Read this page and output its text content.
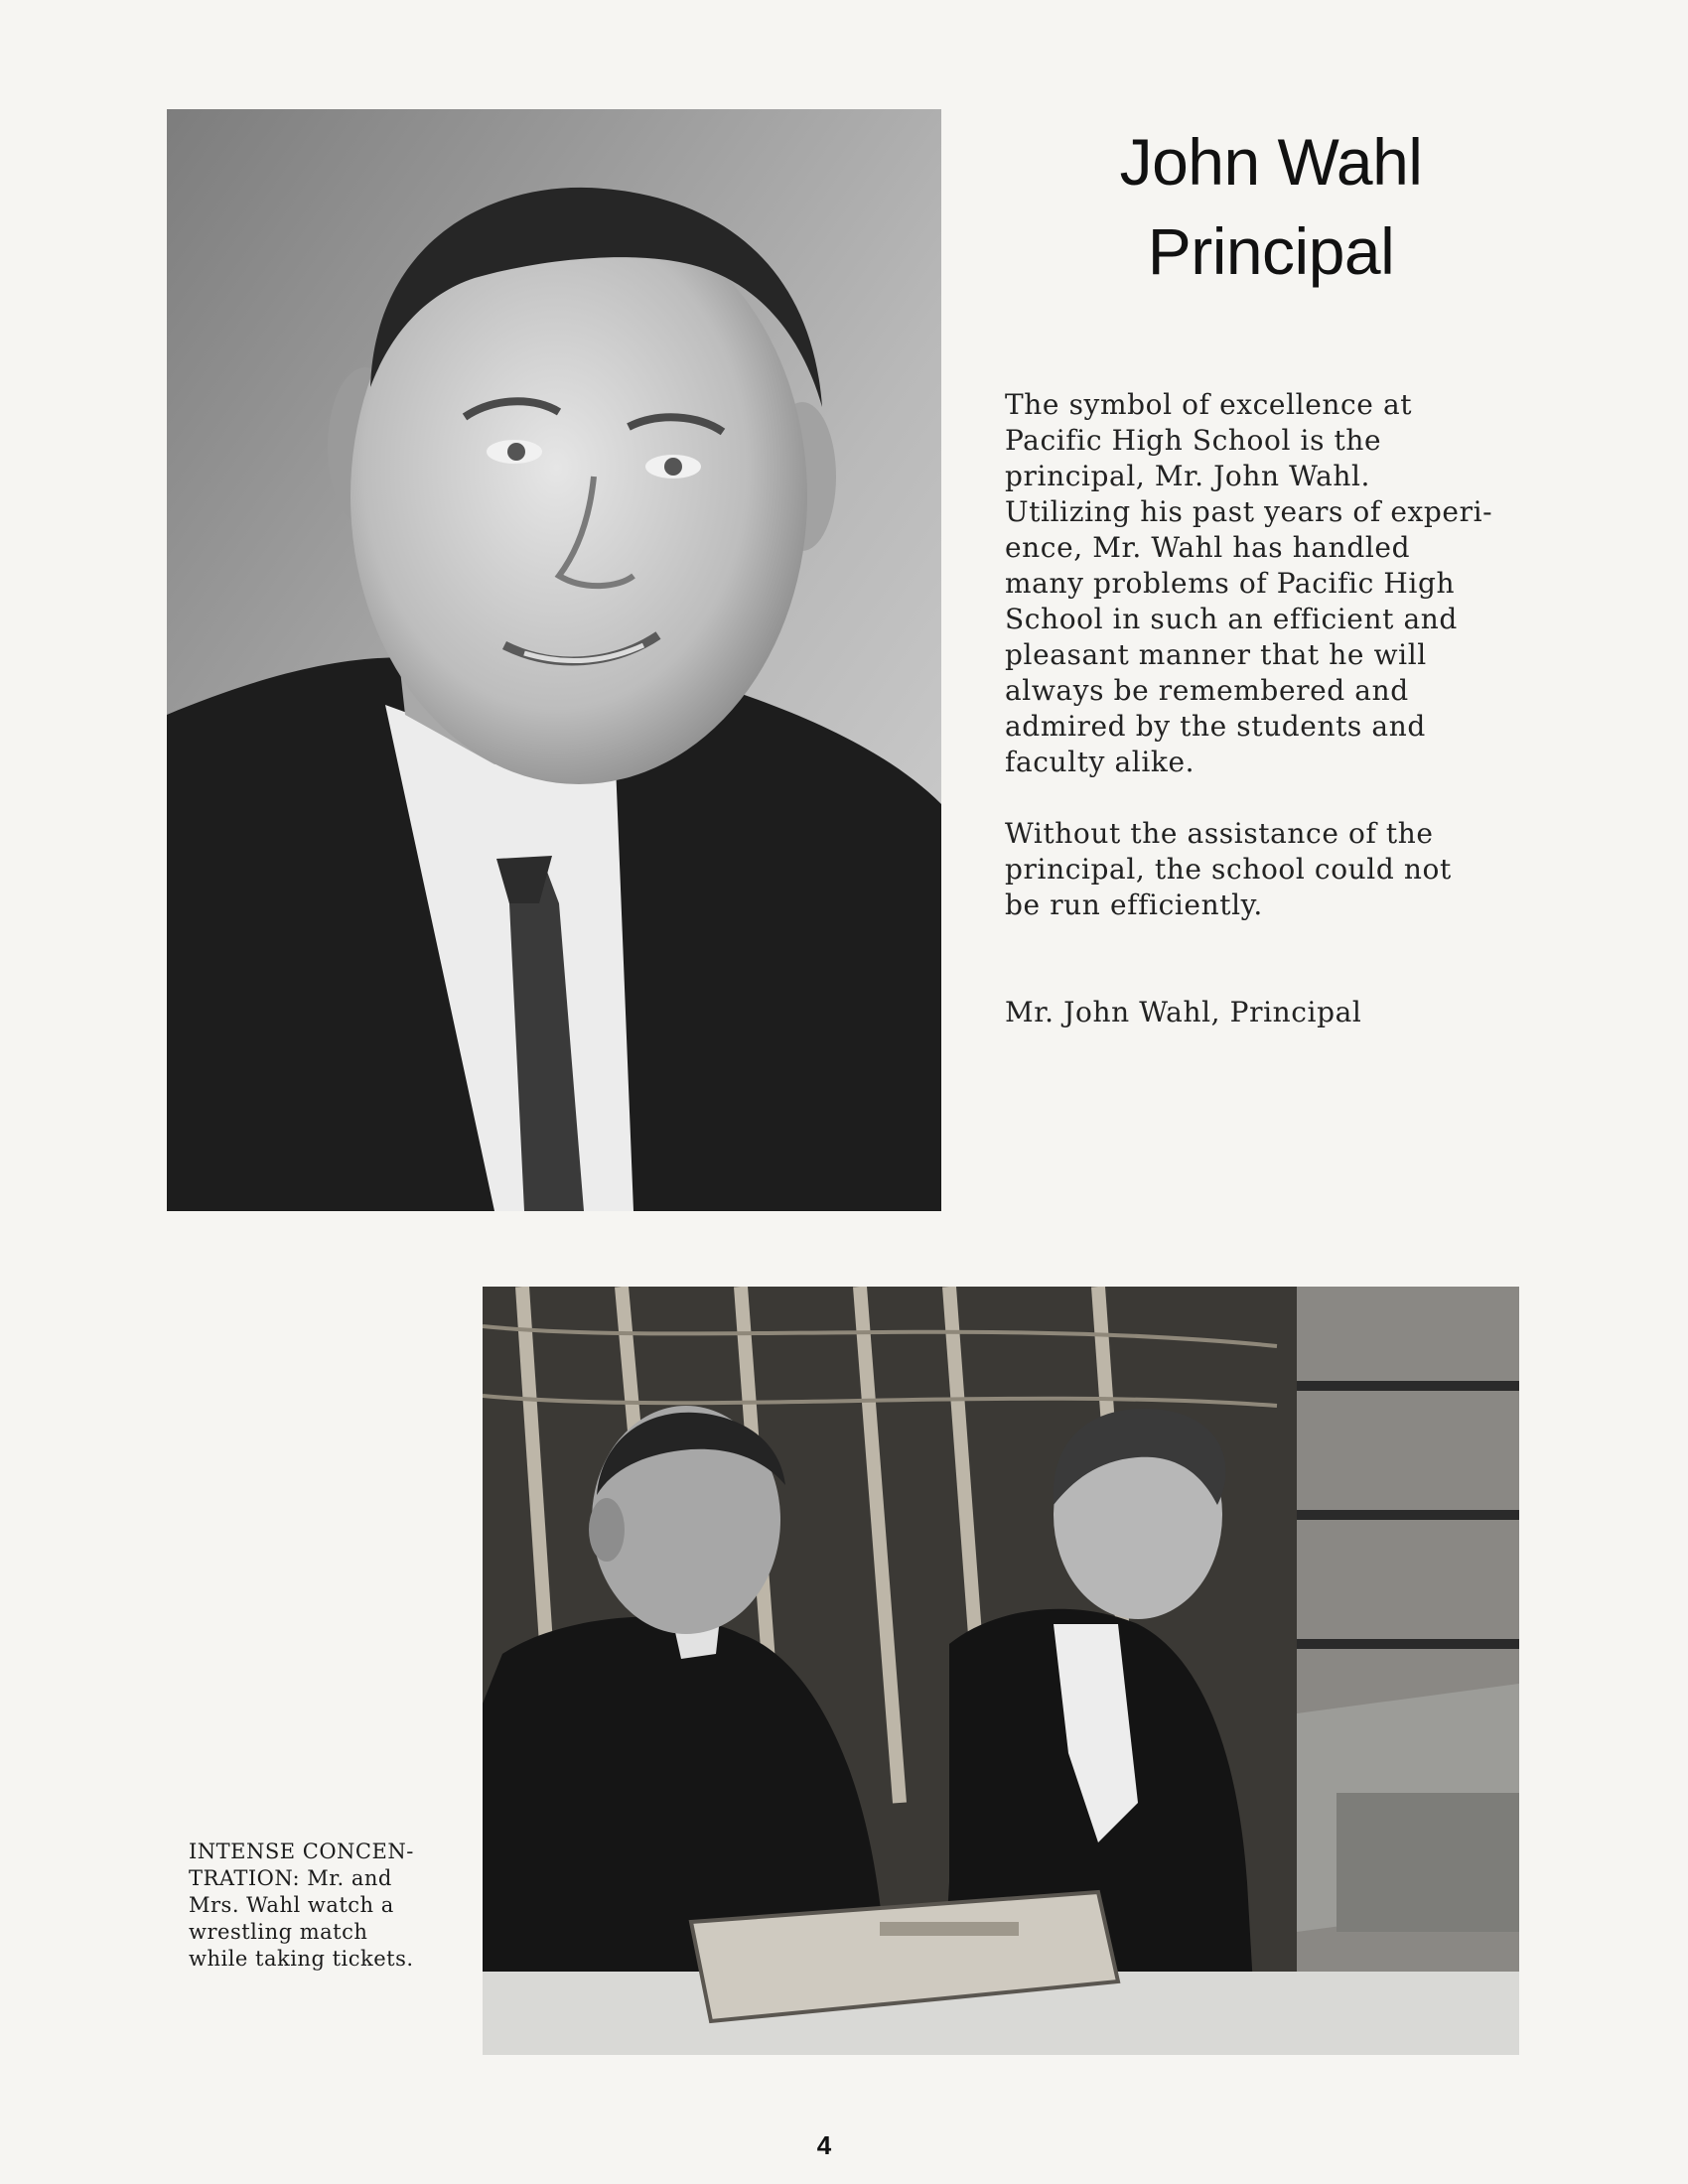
John Wahl
Principal
The symbol of excellence at
Pacific High School is the
principal, Mr. John Wahl.
Utilizing his past years of experi-
ence, Mr. Wahl has handled
many problems of Pacific High
School in such an efficient and
pleasant manner that he will
always be remembered and
admired by the students and
faculty alike.
Without the assistance of the
principal, the school could not
be run efficiently.
Mr. John Wahl, Principal
INTENSE CONCEN-
TRATION: Mr. and
Mrs. Wahl watch a
wrestling match
while taking tickets.
4
